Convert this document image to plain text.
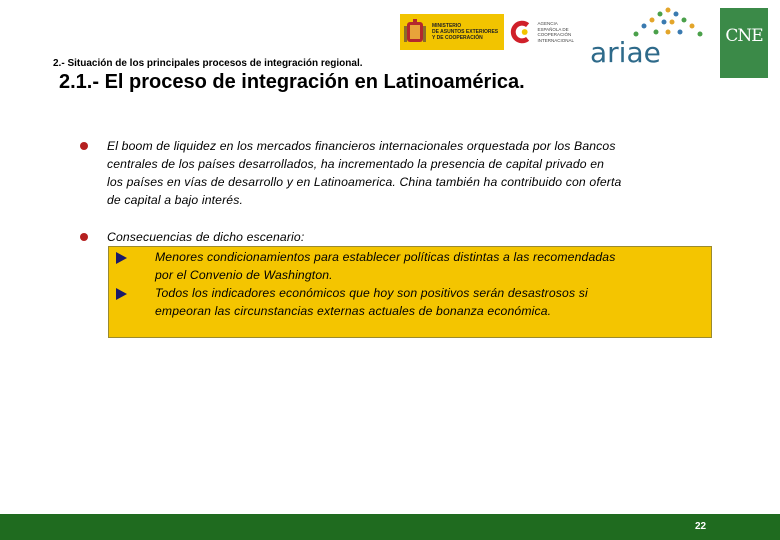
MINISTERIO
DE ASUNTOS EXTERIORES
Y DE COOPERACIÓN
AGENCIA
ESPAÑOLA DE
COOPERACIÓN
INTERNACIONAL ariae	CNE
2.- Situación de los principales procesos de integración regional.
2.1.- El proceso de integración en Latinoamérica.
El boom de liquidez en los mercados financieros internacionales orquestada por los Bancos
centrales de los países desarrollados, ha incrementado la presencia de capital privado en
los países en vías de desarrollo y en Latinoamerica. China también ha contribuido con oferta
de capital a bajo interés.
Consecuencias de dicho escenario:
Menores condicionamientos para establecer políticas distintas a las recomendadas
por el Convenio de Washington.
Todos los indicadores económicos que hoy son positivos serán desastrosos si
empeoran las circunstancias externas actuales de bonanza económica.
22
